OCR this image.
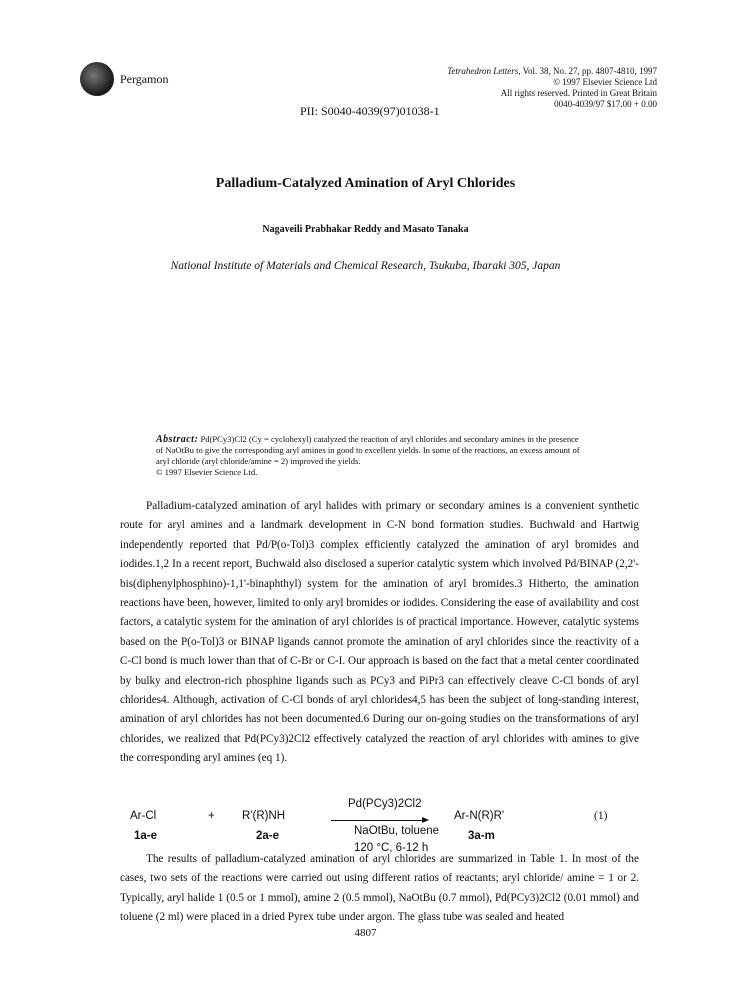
Pergamon
Tetrahedron Letters, Vol. 38, No. 27, pp. 4807-4810, 1997
© 1997 Elsevier Science Ltd
All rights reserved. Printed in Great Britain
0040-4039/97 $17.00 + 0.00
PII: S0040-4039(97)01038-1
Palladium-Catalyzed Amination of Aryl Chlorides
Nagaveili Prabhakar Reddy and Masato Tanaka
National Institute of Materials and Chemical Research, Tsukuba, Ibaraki 305, Japan
Abstract: Pd(PCy3)Cl2 (Cy = cyclohexyl) catalyzed the reaction of aryl chlorides and secondary amines in the presence of NaOtBu to give the corresponding aryl amines in good to excellent yields. In some of the reactions, an excess amount of aryl chloride (aryl chloride/amine = 2) improved the yields.
© 1997 Elsevier Science Ltd.
Palladium-catalyzed amination of aryl halides with primary or secondary amines is a convenient synthetic route for aryl amines and a landmark development in C-N bond formation studies. Buchwald and Hartwig independently reported that Pd/P(o-Tol)3 complex efficiently catalyzed the amination of aryl bromides and iodides.1,2 In a recent report, Buchwald also disclosed a superior catalytic system which involved Pd/BINAP (2,2'-bis(diphenylphosphino)-1,1'-binaphthyl) system for the amination of aryl bromides.3 Hitherto, the amination reactions have been, however, limited to only aryl bromides or iodides. Considering the ease of availability and cost factors, a catalytic system for the amination of aryl chlorides is of practical importance. However, catalytic systems based on the P(o-Tol)3 or BINAP ligands cannot promote the amination of aryl chlorides since the reactivity of a C-Cl bond is much lower than that of C-Br or C-I. Our approach is based on the fact that a metal center coordinated by bulky and electron-rich phosphine ligands such as PCy3 and PiPr3 can effectively cleave C-Cl bonds of aryl chlorides4. Although, activation of C-Cl bonds of aryl chlorides4,5 has been the subject of long-standing interest, amination of aryl chlorides has not been documented.6 During our on-going studies on the transformations of aryl chlorides, we realized that Pd(PCy3)2Cl2 effectively catalyzed the reaction of aryl chlorides with amines to give the corresponding aryl amines (eq 1).
Ar-Cl	+ R'(R)NH
Pd(PCy3)2Cl2
NaOtBu, toluene
120 °C, 6-12 h
Ar-N(R)R'	(1)
1a-e	2a-e	3a-m
The results of palladium-catalyzed amination of aryl chlorides are summarized in Table 1. In most of the cases, two sets of the reactions were carried out using different ratios of reactants; aryl chloride/ amine = 1 or 2. Typically, aryl halide 1 (0.5 or 1 mmol), amine 2 (0.5 mmol), NaOtBu (0.7 mmol), Pd(PCy3)2Cl2 (0.01 mmol) and toluene (2 ml) were placed in a dried Pyrex tube under argon. The glass tube was sealed and heated
4807
